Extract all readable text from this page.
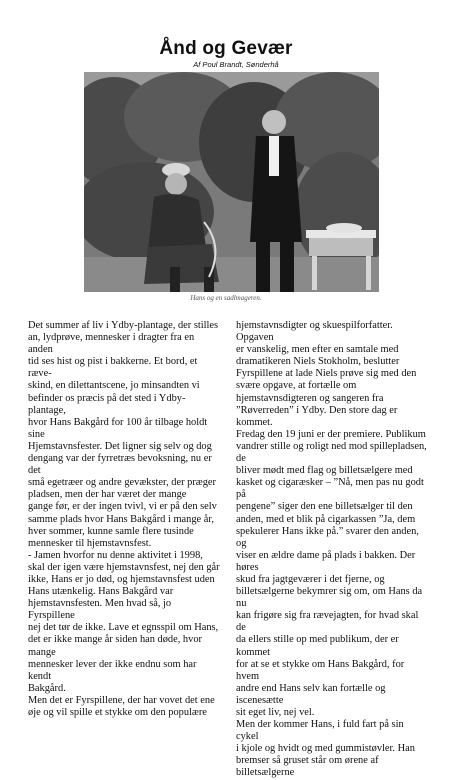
Ånd og Gevær
Af Poul Brandt, Sønderhå
Hans og en sadlmageren.

Det summer af liv i Ydby-plantage, der stilles

an, lydprøve, mennesker i dragter fra en anden

tid ses hist og pist i bakkerne. Et bord, et ræve-

skind, en dilettantscene, jo minsandten vi

befinder os præcis på det sted i Ydby-plantage,

hvor Hans Bakgård for 100 år tilbage holdt sine

Hjemstavnsfester. Det ligner sig selv og dog

dengang var der fyrretræs bevoksning, nu er det

små egetræer og andre gevækster, der præger

pladsen, men der har været der mange

gange før, er der ingen tvivl, vi er på den selv

samme plads hvor Hans Bakgård i mange år,

hver sommer, kunne samle flere tusinde

mennesker til hjemstavnsfest.

- Jamen hvorfor nu denne aktivitet i 1998,

skal der igen være hjemstavnsfest, nej den går

ikke, Hans er jo død, og hjemstavnsfest uden

Hans utænkelig. Hans Bakgård var

hjemstavnsfesten. Men hvad så, jo Fyrspillene

nej det tør de ikke. Lave et egnsspil om Hans,

det er ikke mange år siden han døde, hvor mange

mennesker lever der ikke endnu som har kendt

Bakgård.

Men det er Fyrspillene, der har vovet det ene

øje og vil spille et stykke om den populære

hjemstavnsdigter og skuespilforfatter. Opgaven

er vanskelig, men efter en samtale med

dramatikeren Niels Stokholm, beslutter

Fyrspillene at lade Niels prøve sig med den

svære opgave, at fortælle om

hjemstavnsdigteren og sangeren fra

”Røverreden” i Ydby. Den store dag er kommet.

Fredag den 19 juni er der premiere. Publikum

vandrer stille og roligt ned mod spillepladsen, de

bliver mødt med flag og billetsælgere med

kasket og cigaræsker – ”Nå, men pas nu godt på

pengene” siger den ene billetsælger til den

anden, med et blik på cigarkassen ”Ja, dem

spekulerer Hans ikke på.” svarer den anden, og

viser en ældre dame på plads i bakken. Der høres

skud fra jagtgeværer i det fjerne, og

billetsælgerne bekymrer sig om, om Hans da nu

kan frigøre sig fra rævejagten, for hvad skal de

da ellers stille op med publikum, der er kommet

for at se et stykke om Hans Bakgård, for hvem

andre end Hans selv kan fortælle og iscenesætte

sit eget liv, nej vel.

Men der kommer Hans, i fuld fart på sin cykel

i kjole og hvidt og med gummistøvler. Han

bremser så gruset står om ørene af billetsælgerne
